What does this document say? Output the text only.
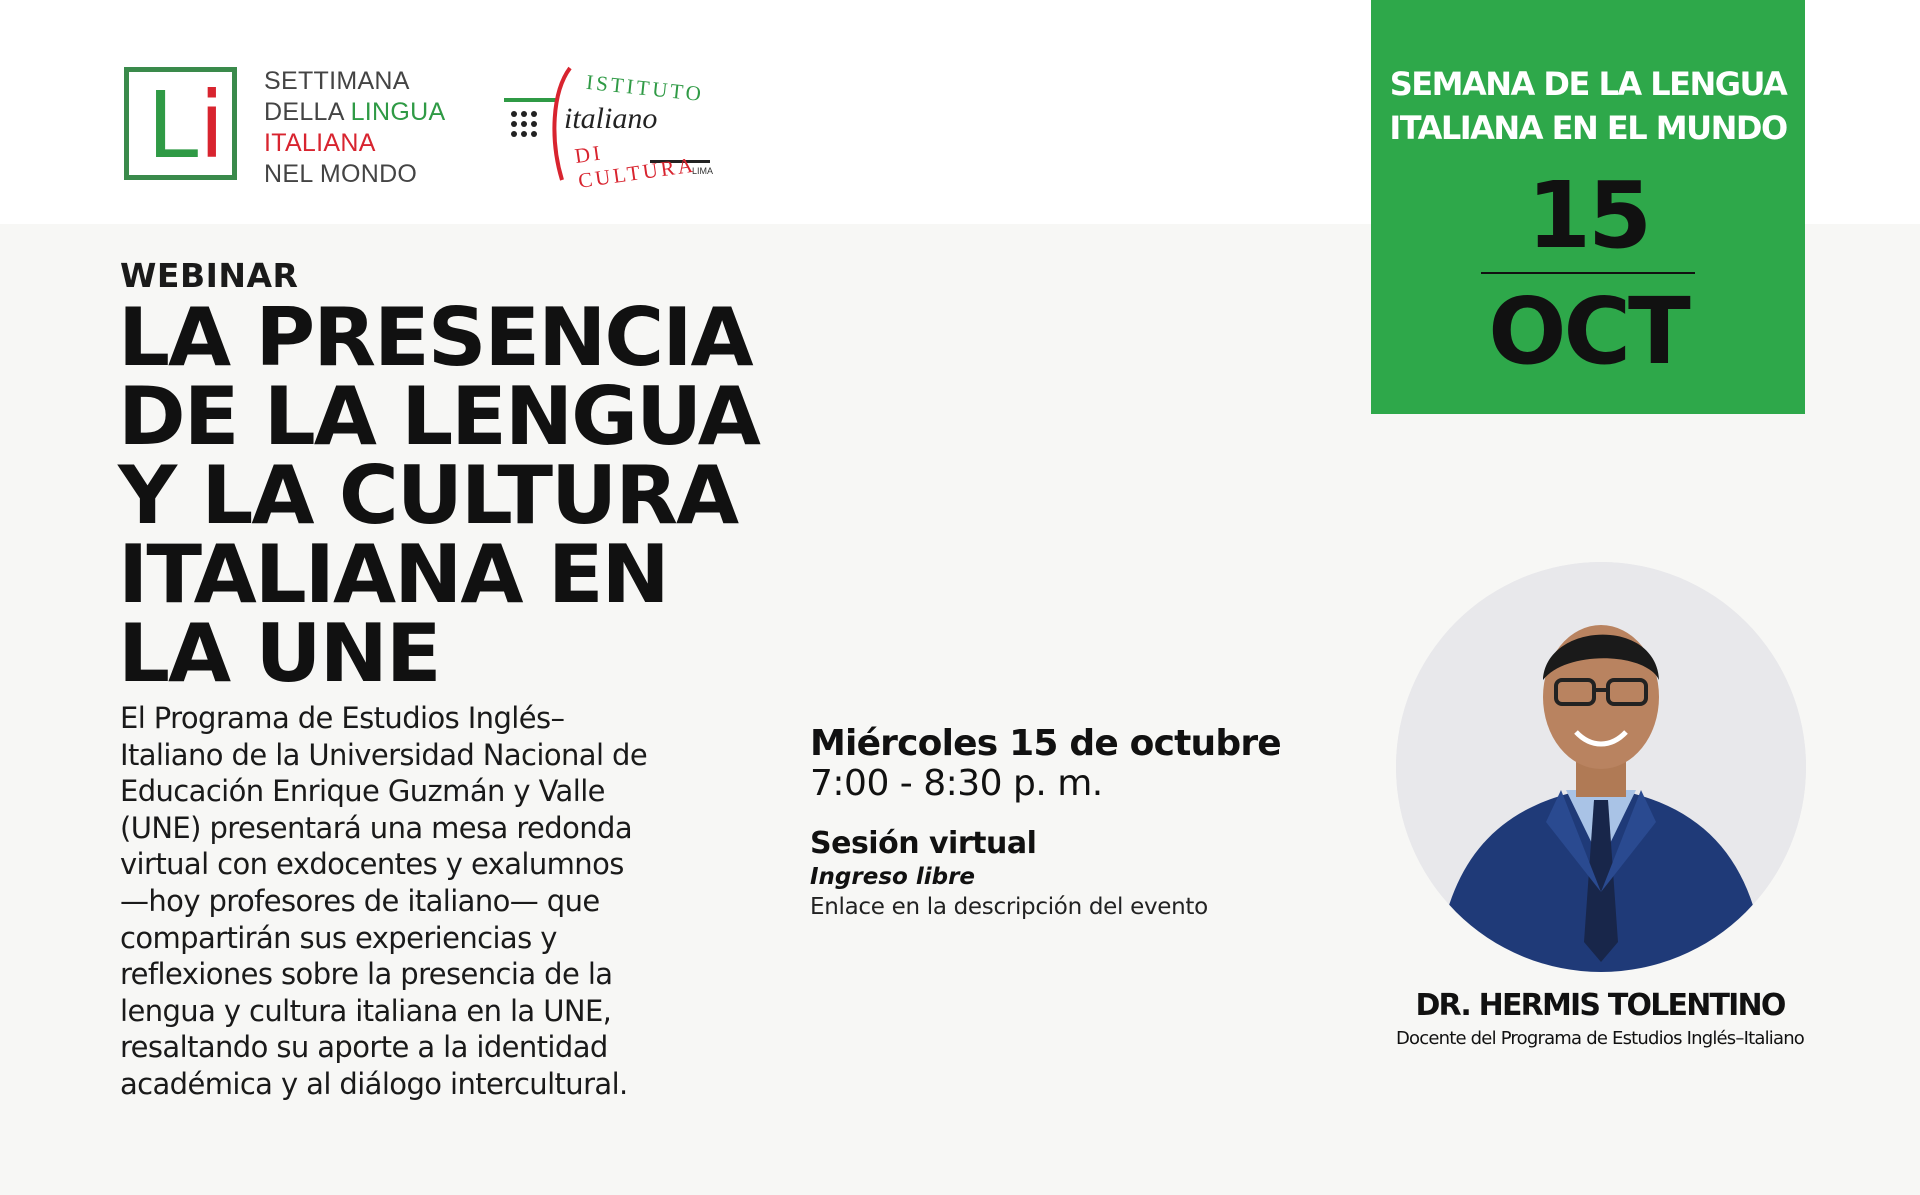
L i SETTIMANA
DELLA LINGUA
ITALIANA
NEL MONDO
ISTITUTO
italiano
DI CULTURA
LIMA
SEMANA DE LA LENGUA
ITALIANA EN EL MUNDO
15
OCT
WEBINAR
LA PRESENCIA
DE LA LENGUA
Y LA CULTURA
ITALIANA EN
LA UNE
El Programa de Estudios Inglés–
Italiano de la Universidad Nacional de
Educación Enrique Guzmán y Valle
(UNE) presentará una mesa redonda
virtual con exdocentes y exalumnos
—hoy profesores de italiano— que
compartirán sus experiencias y
reflexiones sobre la presencia de la
lengua y cultura italiana en la UNE,
resaltando su aporte a la identidad
académica y al diálogo intercultural.
Miércoles 15 de octubre
7:00 - 8:30 p. m.
Sesión virtual
Ingreso libre
Enlace en la descripción del evento
DR. HERMIS TOLENTINO
Docente del Programa de Estudios Inglés–Italiano
